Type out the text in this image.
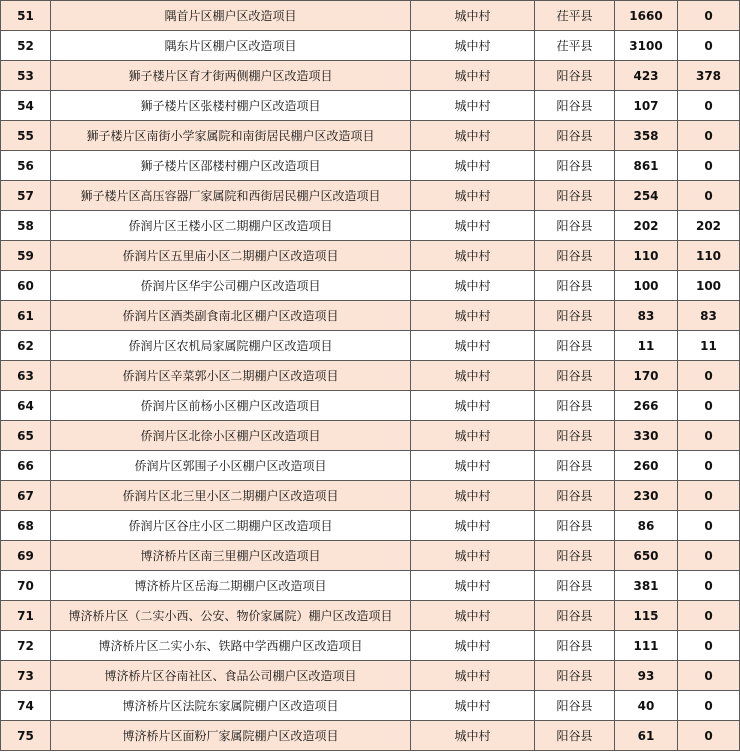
51	隅首片区棚户区改造项目	城中村	茌平县	1660	0
52	隅东片区棚户区改造项目	城中村	茌平县	3100	0
53	狮子楼片区育才街两侧棚户区改造项目	城中村	阳谷县	423	378
54	狮子楼片区张楼村棚户区改造项目	城中村	阳谷县	107	0
55	狮子楼片区南街小学家属院和南街居民棚户区改造项目	城中村	阳谷县	358	0
56	狮子楼片区邵楼村棚户区改造项目	城中村	阳谷县	861	0
57	狮子楼片区高压容器厂家属院和西街居民棚户区改造项目	城中村	阳谷县	254	0
58	侨润片区王楼小区二期棚户区改造项目	城中村	阳谷县	202	202
59	侨润片区五里庙小区二期棚户区改造项目	城中村	阳谷县	110	110
60	侨润片区华宇公司棚户区改造项目	城中村	阳谷县	100	100
61	侨润片区酒类副食南北区棚户区改造项目	城中村	阳谷县	83	83
62	侨润片区农机局家属院棚户区改造项目	城中村	阳谷县	11	11
63	侨润片区辛菜郭小区二期棚户区改造项目	城中村	阳谷县	170	0
64	侨润片区前杨小区棚户区改造项目	城中村	阳谷县	266	0
65	侨润片区北徐小区棚户区改造项目	城中村	阳谷县	330	0
66	侨润片区郭围子小区棚户区改造项目	城中村	阳谷县	260	0
67	侨润片区北三里小区二期棚户区改造项目	城中村	阳谷县	230	0
68	侨润片区谷庄小区二期棚户区改造项目	城中村	阳谷县	86	0
69	博济桥片区南三里棚户区改造项目	城中村	阳谷县	650	0
70	博济桥片区岳海二期棚户区改造项目	城中村	阳谷县	381	0
71	博济桥片区（二实小西、公安、物价家属院）棚户区改造项目	城中村	阳谷县	115	0
72	博济桥片区二实小东、铁路中学西棚户区改造项目	城中村	阳谷县	111	0
73	博济桥片区谷南社区、食品公司棚户区改造项目	城中村	阳谷县	93	0
74	博济桥片区法院东家属院棚户区改造项目	城中村	阳谷县	40	0
75	博济桥片区面粉厂家属院棚户区改造项目	城中村	阳谷县	61	0
